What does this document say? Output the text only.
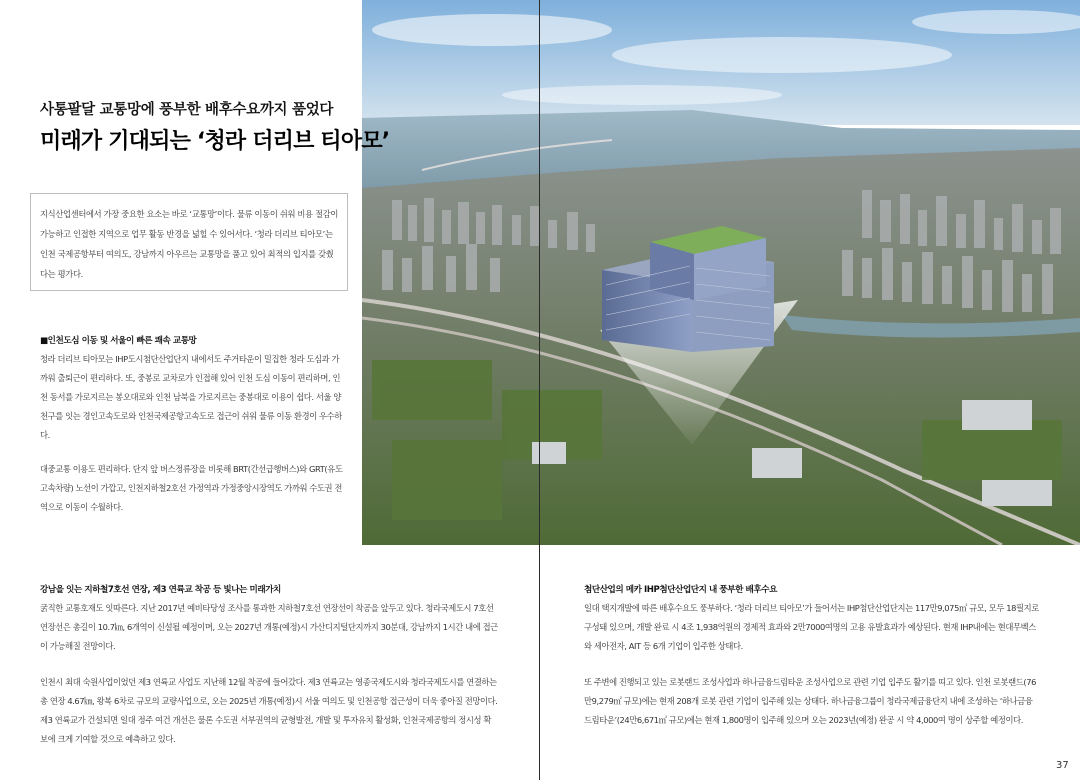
사통팔달 교통망에 풍부한 배후수요까지 품었다
미래가 기대되는 ‘청라 더리브 티아모’

지식산업센터에서 가장 중요한 요소는 바로 ‘교통망’이다. 물류 이동이 쉬워 비용 절감이 가능하고 인접한 지역으로 업무 활동 반경을 넓힐 수 있어서다. ‘청라 더리브 티아모’는 인천 국제공항부터 여의도, 강남까지 아우르는 교통망을 품고 있어 최적의 입지를 갖췄다는 평가다.

■인천도심 이동 및 서울이 빠른 쾌속 교통망

청라 더리브 티아모는 IHP도시첨단산업단지 내에서도 주거타운이 밀집한 청라 도심과 가까워 출퇴근이 편리하다. 또, 중봉로 교차로가 인접해 있어 인천 도심 이동이 편리하며, 인천 동서를 가로지르는 봉오대로와 인천 남북을 가로지르는 중봉대로 이용이 쉽다. 서울 양천구를 잇는 경인고속도로와 인천국제공항고속도로 접근이 쉬워 물류 이동 환경이 우수하다.

대중교통 이용도 편리하다. 단지 앞 버스정류장을 비롯해 BRT(간선급행버스)와 GRT(유도고속차량) 노선이 가깝고, 인천지하철2호선 가정역과 가정중앙시장역도 가까워 수도권 전역으로 이동이 수월하다.

강남을 잇는 지하철7호선 연장, 제3 연륙교 착공 등 빛나는 미래가치

굵직한 교통호재도 잇따른다. 지난 2017년 예비타당성 조사를 통과한 지하철7호선 연장선이 착공을 앞두고 있다. 청라국제도시 7호선 연장선은 총길이 10.7㎞, 6개역이 신설될 예정이며, 오는 2027년 개통(예정)시 가산디지털단지까지 30분대, 강남까지 1시간 내에 접근이 가능해질 전망이다.

인천시 최대 숙원사업이었던 제3 연륙교 사업도 지난해 12월 착공에 들어갔다. 제3 연륙교는 영종국제도시와 청라국제도시를 연결하는 총 연장 4.67㎞, 왕복 6차로 규모의 교량사업으로, 오는 2025년 개통(예정)시 서울 여의도 및 인천공항 접근성이 더욱 좋아질 전망이다. 제3 연륙교가 건설되면 일대 정주 여건 개선은 물론 수도권 서부권역의 균형발전, 개발 및 투자유치 활성화, 인천국제공항의 정시성 확보에 크게 기여할 것으로 예측하고 있다.

첨단산업의 메카 IHP첨단산업단지 내 풍부한 배후수요

일대 택지개발에 따른 배후수요도 풍부하다. ‘청라 더리브 티아모’가 들어서는 IHP첨단산업단지는 117만9,075㎡ 규모, 모두 18필지로 구성돼 있으며, 개발 완료 시 4조 1,938억원의 경제적 효과와 2만7000여명의 고용 유발효과가 예상된다. 현재 IHP내에는 현대무벡스와 세아전자, AIT 등 6개 기업이 입주한 상태다.

또 주변에 진행되고 있는 로봇랜드 조성사업과 하나금융드림타운 조성사업으로 관련 기업 입주도 활기를 띠고 있다. 인천 로봇랜드(76만9,279㎡ 규모)에는 현재 208개 로봇 관련 기업이 입주해 있는 상태다. 하나금융그룹이 청라국제금융단지 내에 조성하는 ‘하나금융드림타운’(24만6,671㎡ 규모)에는 현재 1,800명이 입주해 있으며 오는 2023년(예정) 완공 시 약 4,000여 명이 상주할 예정이다.

37
